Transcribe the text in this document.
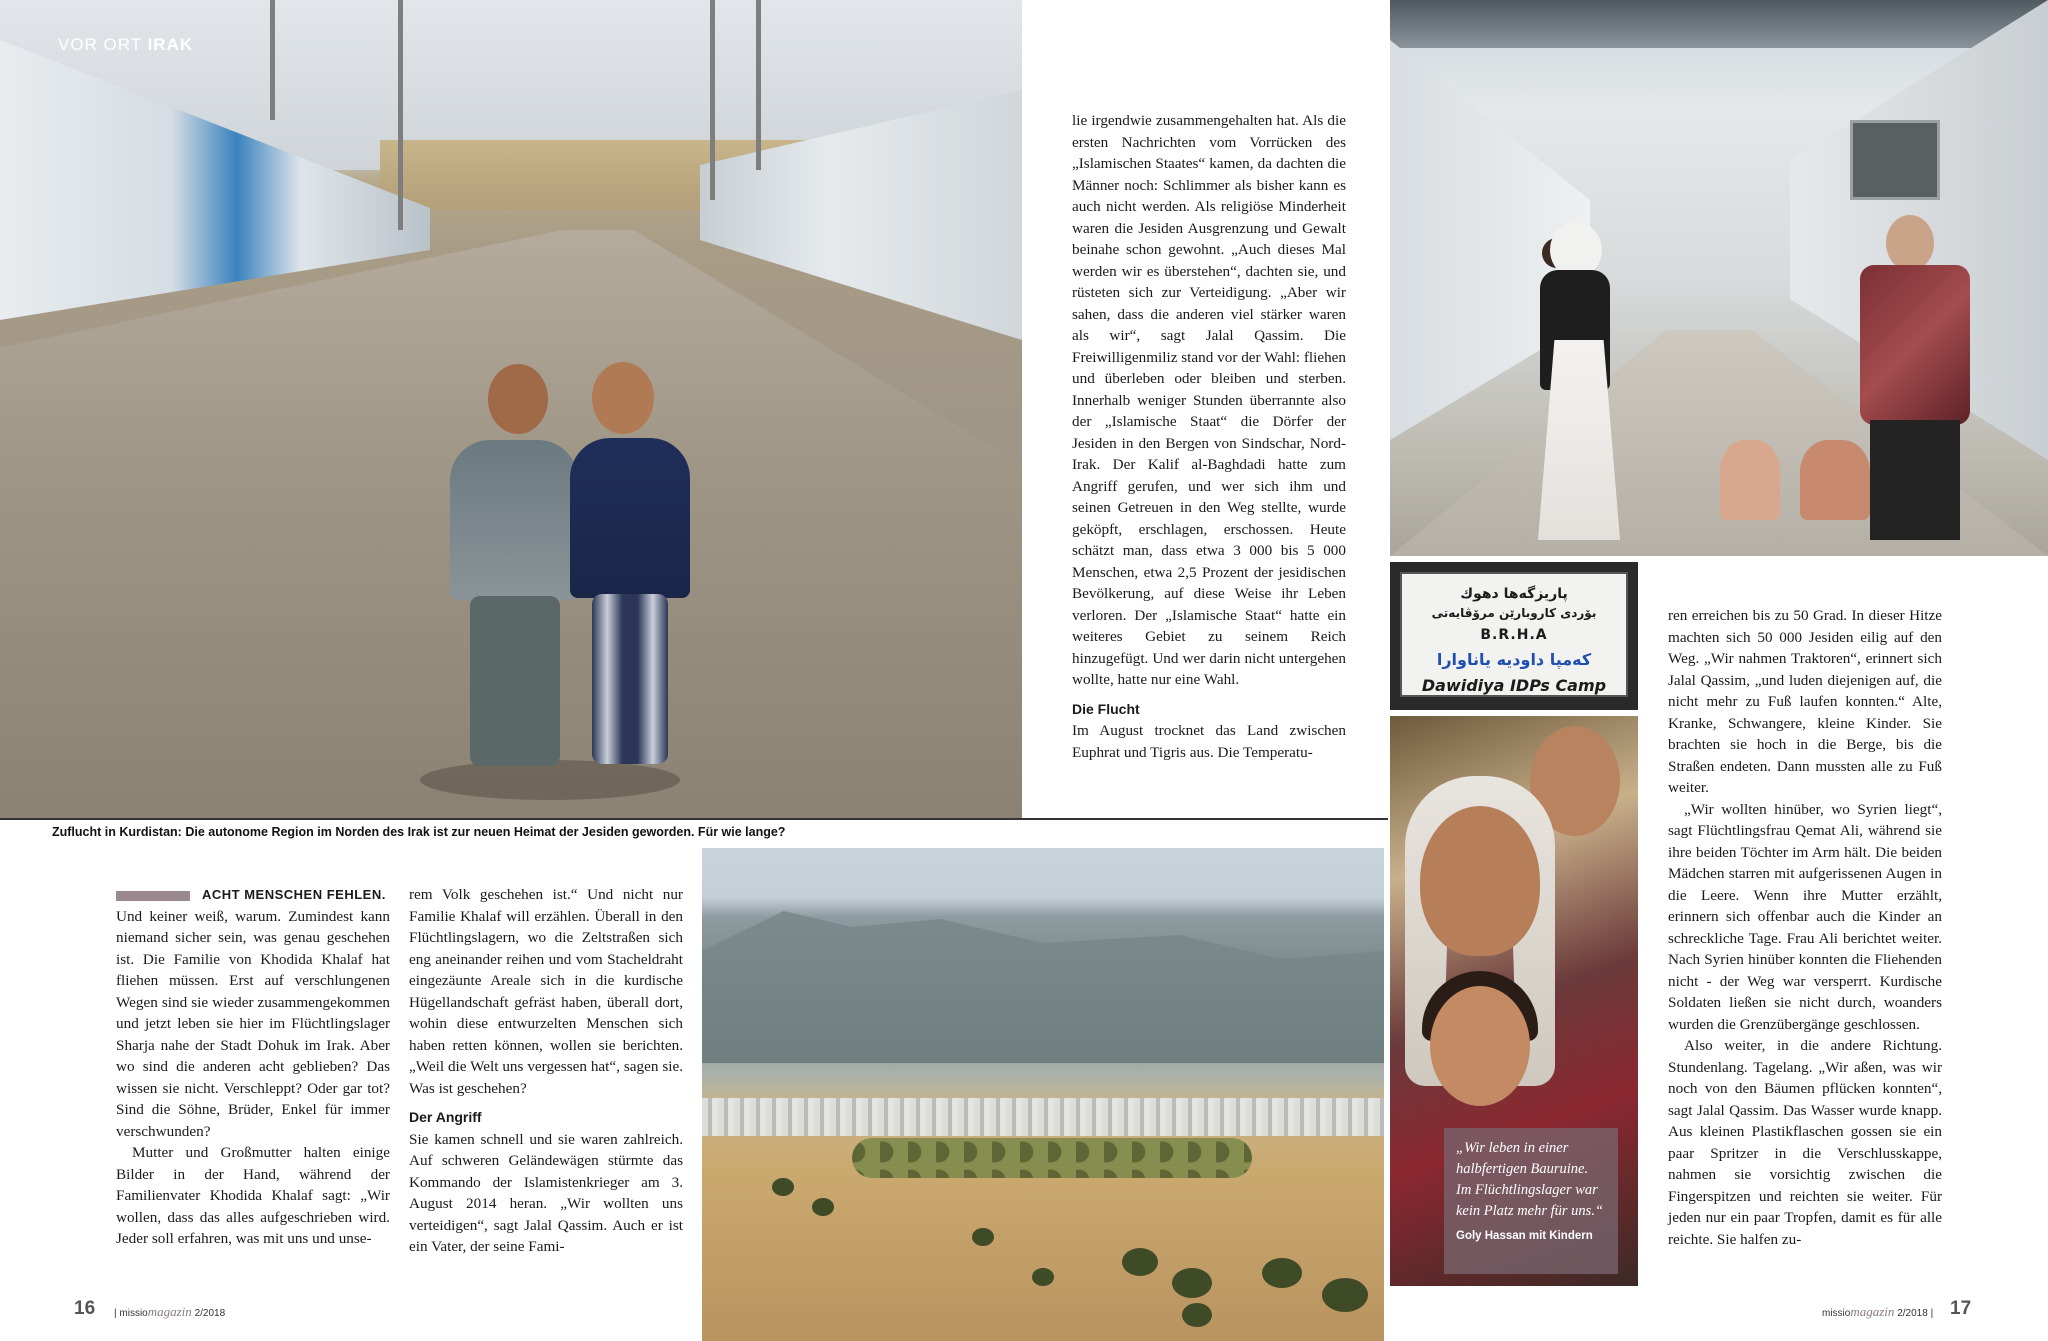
VOR ORT IRAK
پاریزگەها دهوك
بۆردى كاروبارێن مرۆڤایەتى
B.R.H.A
كەمپا داوديه ياناوارا
Dawidiya IDPs Camp
„Wir leben in einer halbfertigen Bauruine. Im Flüchtlingslager war kein Platz mehr für uns.“
Goly Hassan mit Kindern
Zuflucht in Kurdistan: Die autonome Region im Norden des Irak ist zur neuen Heimat der Jesiden geworden. Für wie lange?

lie irgendwie zusammengehalten hat. Als die ersten Nachrichten vom Vorrücken des „Islamischen Staates“ kamen, da dachten die Männer noch: Schlimmer als bisher kann es auch nicht werden. Als religiöse Minderheit waren die Jesiden Ausgrenzung und Gewalt beinahe schon gewohnt. „Auch dieses Mal werden wir es überstehen“, dachten sie, und rüsteten sich zur Verteidigung. „Aber wir sahen, dass die anderen viel stärker waren als wir“, sagt Jalal Qassim. Die Freiwilligenmiliz stand vor der Wahl: fliehen und überleben oder bleiben und sterben. Innerhalb weniger Stunden überrannte also der „Islamische Staat“ die Dörfer der Jesiden in den Bergen von Sindschar, Nord-Irak. Der Kalif al-Baghdadi hatte zum Angriff gerufen, und wer sich ihm und seinen Getreuen in den Weg stellte, wurde geköpft, erschlagen, erschossen. Heute schätzt man, dass etwa 3 000 bis 5 000 Menschen, etwa 2,5 Prozent der jesidischen Bevölkerung, auf diese Weise ihr Leben verloren. Der „Islamische Staat“ hatte ein weiteres Gebiet zu seinem Reich hinzugefügt. Und wer darin nicht untergehen wollte, hatte nur eine Wahl.

Die Flucht

Im August trocknet das Land zwischen Euphrat und Tigris aus. Die Temperatu-

ACHT MENSCHEN FEHLEN.

Und keiner weiß, warum. Zumindest kann niemand sicher sein, was genau geschehen ist. Die Familie von Khodida Khalaf hat fliehen müssen. Erst auf verschlungenen Wegen sind sie wieder zusammengekommen und jetzt leben sie hier im Flüchtlingslager Sharja nahe der Stadt Dohuk im Irak. Aber wo sind die anderen acht geblieben? Das wissen sie nicht. Verschleppt? Oder gar tot? Sind die Söhne, Brüder, Enkel für immer verschwunden?

Mutter und Großmutter halten einige Bilder in der Hand, während der Familienvater Khodida Khalaf sagt: „Wir wollen, dass das alles aufgeschrieben wird. Jeder soll erfahren, was mit uns und unse-

rem Volk geschehen ist.“ Und nicht nur Familie Khalaf will erzählen. Überall in den Flüchtlingslagern, wo die Zeltstraßen sich eng aneinander reihen und vom Stacheldraht eingezäunte Areale sich in die kurdische Hügellandschaft gefräst haben, überall dort, wohin diese entwurzelten Menschen sich haben retten können, wollen sie berichten. „Weil die Welt uns vergessen hat“, sagen sie. Was ist geschehen?

Der Angriff

Sie kamen schnell und sie waren zahlreich. Auf schweren Geländewägen stürmte das Kommando der Islamistenkrieger am 3. August 2014 heran. „Wir wollten uns verteidigen“, sagt Jalal Qassim. Auch er ist ein Vater, der seine Fami-

ren erreichen bis zu 50 Grad. In dieser Hitze machten sich 50 000 Jesiden eilig auf den Weg. „Wir nahmen Traktoren“, erinnert sich Jalal Qassim, „und luden diejenigen auf, die nicht mehr zu Fuß laufen konnten.“ Alte, Kranke, Schwangere, kleine Kinder. Sie brachten sie hoch in die Berge, bis die Straßen endeten. Dann mussten alle zu Fuß weiter.

„Wir wollten hinüber, wo Syrien liegt“, sagt Flüchtlingsfrau Qemat Ali, während sie ihre beiden Töchter im Arm hält. Die beiden Mädchen starren mit aufgerissenen Augen in die Leere. Wenn ihre Mutter erzählt, erinnern sich offenbar auch die Kinder an schreckliche Tage. Frau Ali berichtet weiter. Nach Syrien hinüber konnten die Fliehenden nicht - der Weg war versperrt. Kurdische Soldaten ließen sie nicht durch, woanders wurden die Grenzübergänge geschlossen.

Also weiter, in die andere Richtung. Stundenlang. Tagelang. „Wir aßen, was wir noch von den Bäumen pflücken konnten“, sagt Jalal Qassim. Das Wasser wurde knapp. Aus kleinen Plastikflaschen gossen sie ein paar Spritzer in die Verschlusskappe, nahmen sie vorsichtig zwischen die Fingerspitzen und reichten sie weiter. Für jeden nur ein paar Tropfen, damit es für alle reichte. Sie halfen zu-

16 | missiomagazin 2/2018	missiomagazin 2/2018 | 17
